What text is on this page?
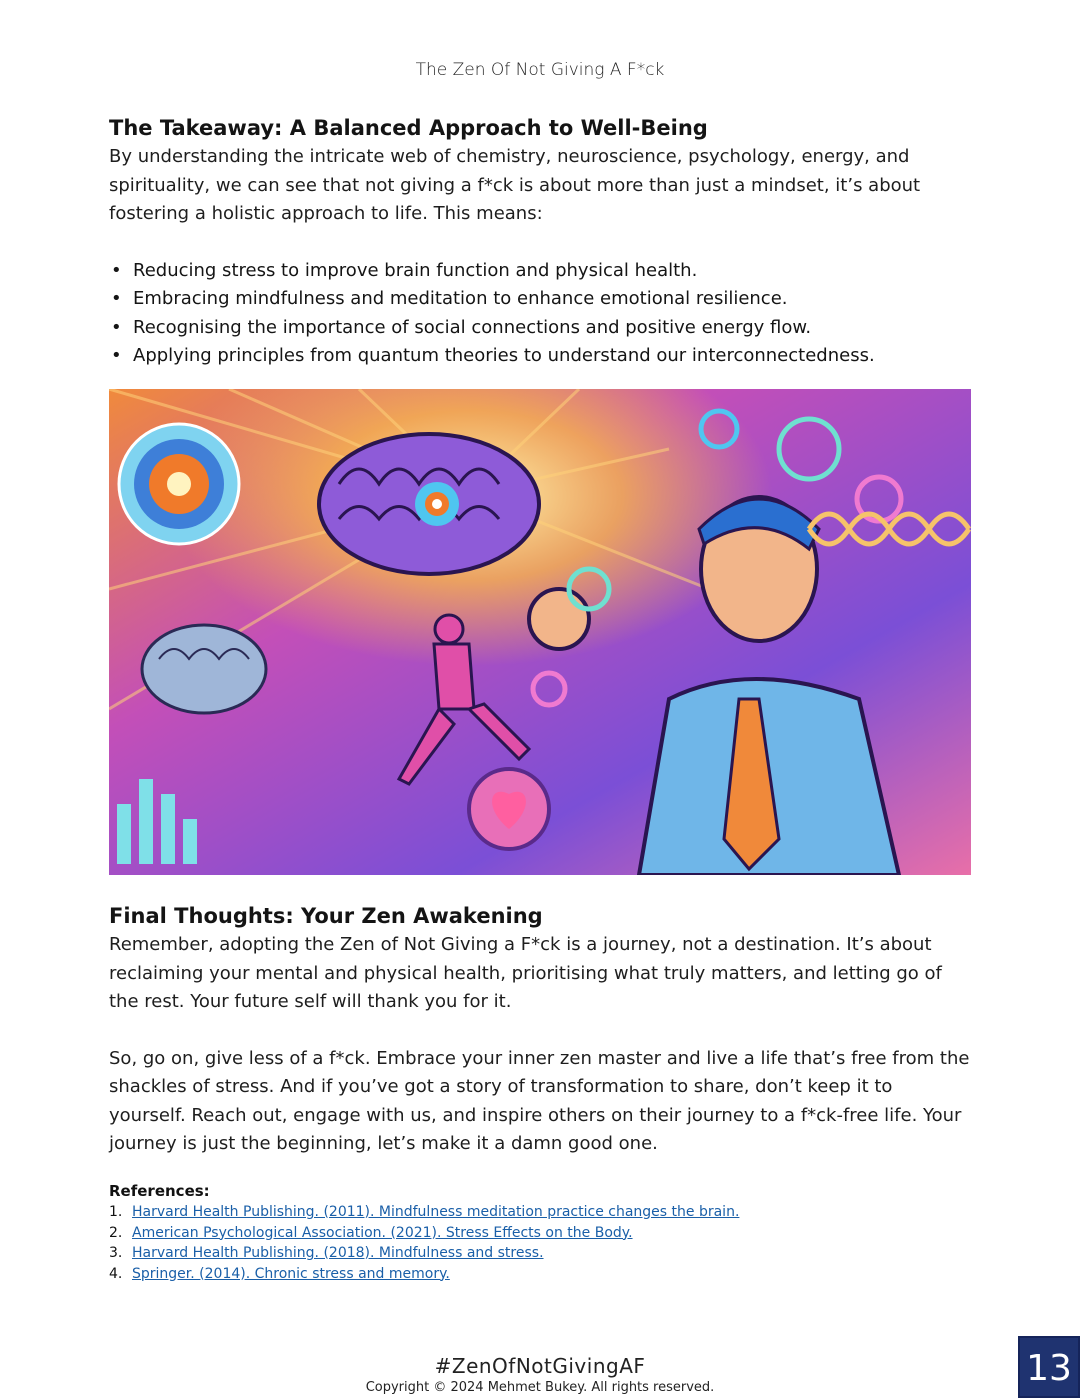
The Zen Of Not Giving A F*ck
The Takeaway: A Balanced Approach to Well-Being

By understanding the intricate web of chemistry, neuroscience, psychology, energy, and spirituality, we can see that not giving a f*ck is about more than just a mindset, it’s about fostering a holistic approach to life. This means:

• Reducing stress to improve brain function and physical health.
• Embracing mindfulness and meditation to enhance emotional resilience.
• Recognising the importance of social connections and positive energy flow.
• Applying principles from quantum theories to understand our interconnectedness.
Final Thoughts: Your Zen Awakening

Remember, adopting the Zen of Not Giving a F*ck is a journey, not a destination. It’s about reclaiming your mental and physical health, prioritising what truly matters, and letting go of the rest. Your future self will thank you for it.

So, go on, give less of a f*ck. Embrace your inner zen master and live a life that’s free from the shackles of stress. And if you’ve got a story of transformation to share, don’t keep it to yourself. Reach out, engage with us, and inspire others on their journey to a f*ck-free life. Your journey is just the beginning, let’s make it a damn good one.

References:
1. Harvard Health Publishing. (2011). Mindfulness meditation practice changes the brain.
2. American Psychological Association. (2021). Stress Effects on the Body.
3. Harvard Health Publishing. (2018). Mindfulness and stress.
4. Springer. (2014). Chronic stress and memory.
#ZenOfNotGivingAF
Copyright © 2024 Mehmet Bukey. All rights reserved.	13
